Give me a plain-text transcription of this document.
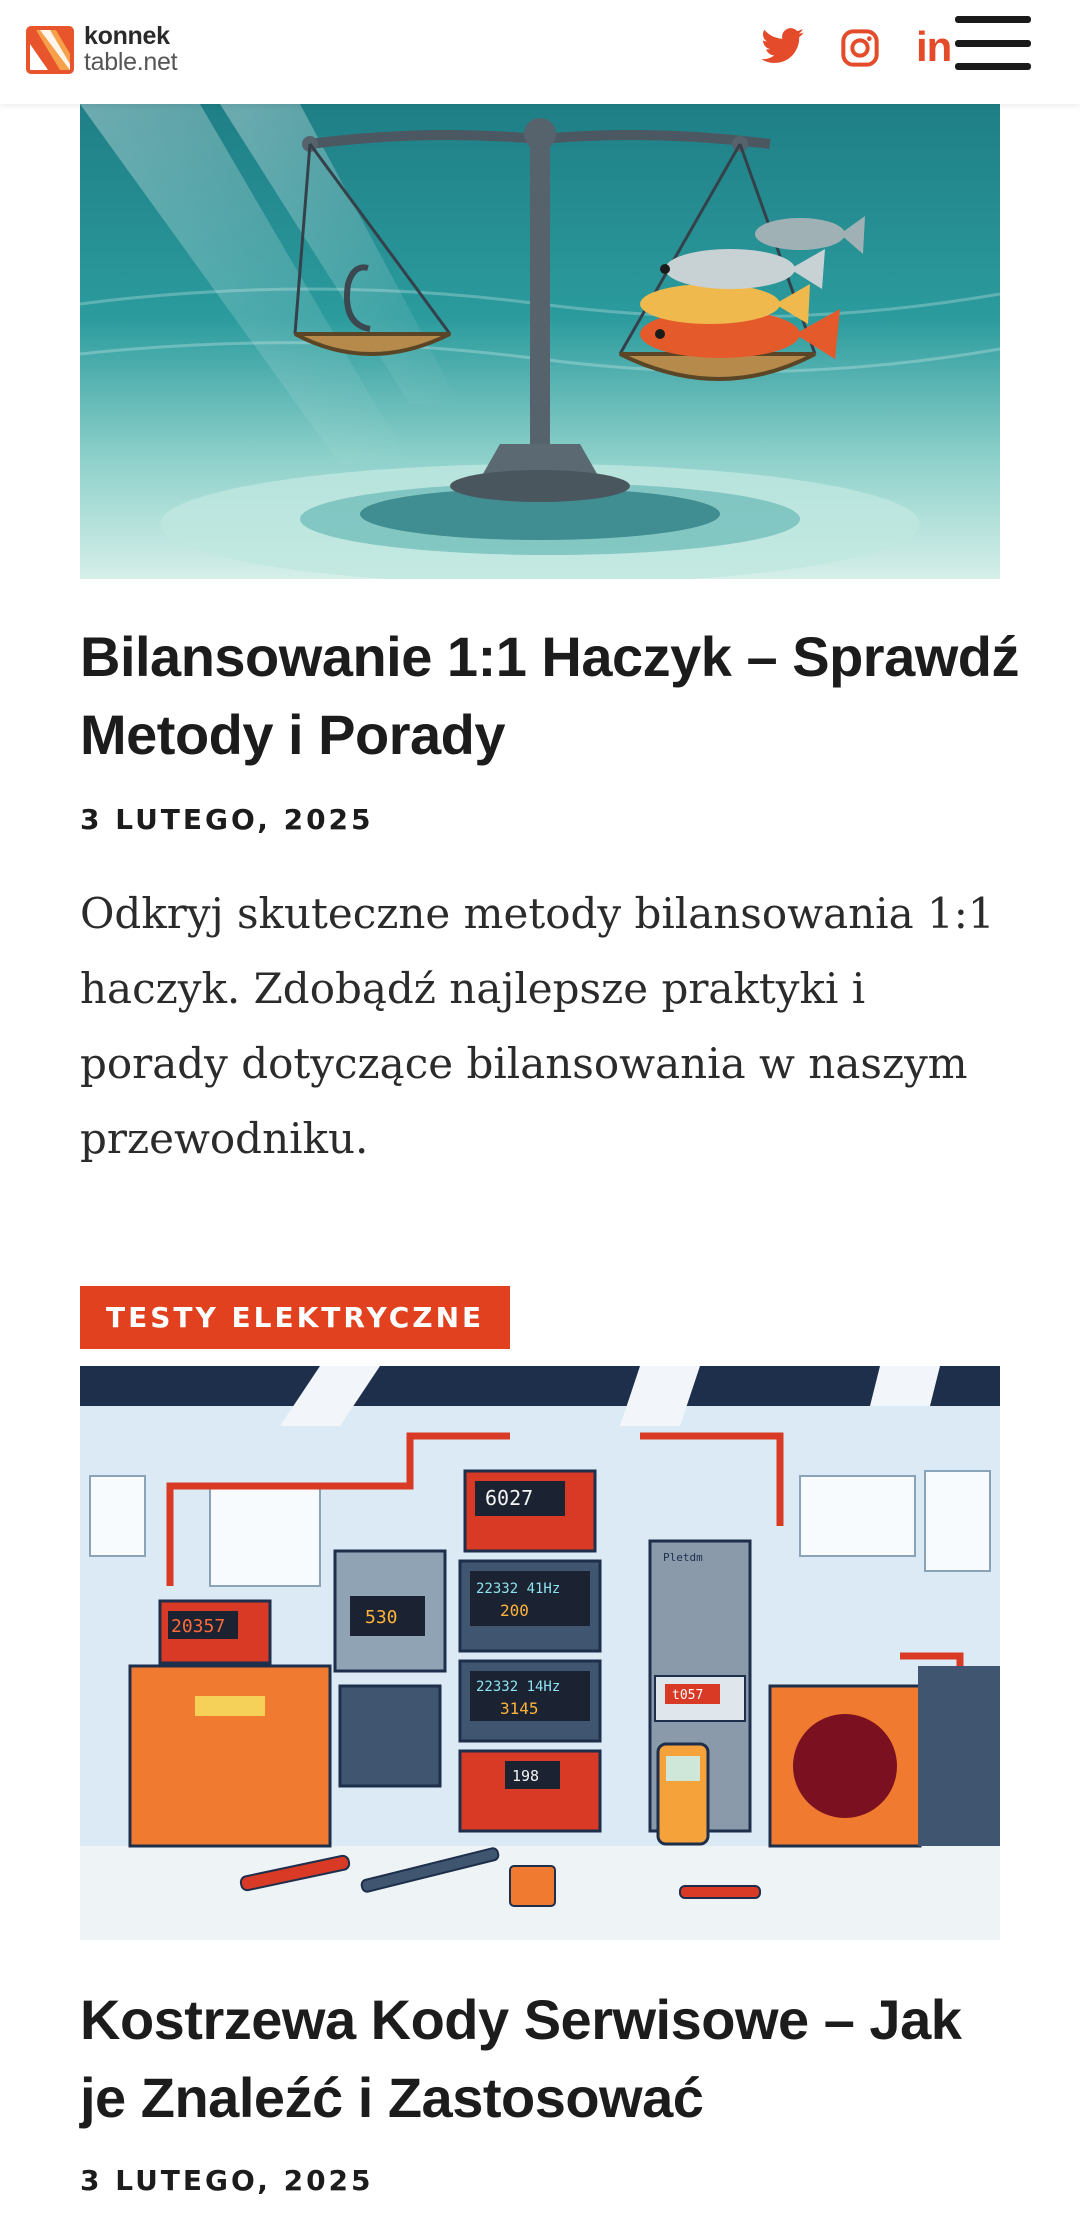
konnek
table.net	in
Bilansowanie 1:1 Haczyk – Sprawdź Metody i Porady
3 LUTEGO, 2025

Odkryj skuteczne metody bilansowania 1:1 haczyk. Zdobądź najlepsze praktyki i porady dotyczące bilansowania w naszym przewodniku.

TESTY ELEKTRYCZNE
20357	530
6027
22332 41Hz
200
22332 14Hz
3145
198
Pletdm
t057
Kostrzewa Kody Serwisowe – Jak je Znaleźć i Zastosować
3 LUTEGO, 2025
